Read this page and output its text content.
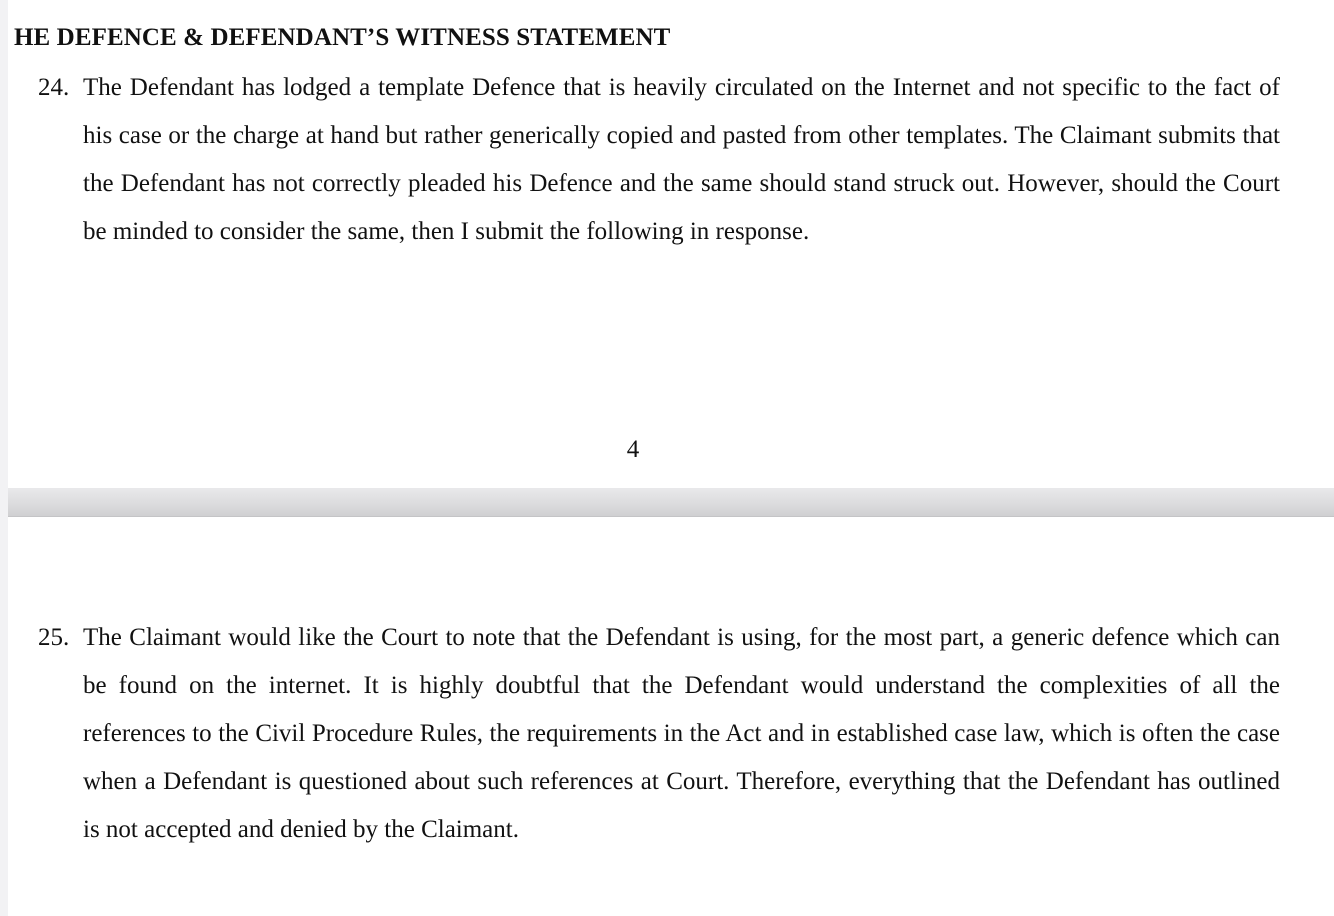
HE DEFENCE & DEFENDANT’S WITNESS STATEMENT
24. The Defendant has lodged a template Defence that is heavily circulated on the Internet and not specific to the fact of his case or the charge at hand but rather generically copied and pasted from other templates. The Claimant submits that the Defendant has not correctly pleaded his Defence and the same should stand struck out. However, should the Court be minded to consider the same, then I submit the following in response.
4
25. The Claimant would like the Court to note that the Defendant is using, for the most part, a generic defence which can be found on the internet. It is highly doubtful that the Defendant would understand the complexities of all the references to the Civil Procedure Rules, the requirements in the Act and in established case law, which is often the case when a Defendant is questioned about such references at Court. Therefore, everything that the Defendant has outlined is not accepted and denied by the Claimant.
